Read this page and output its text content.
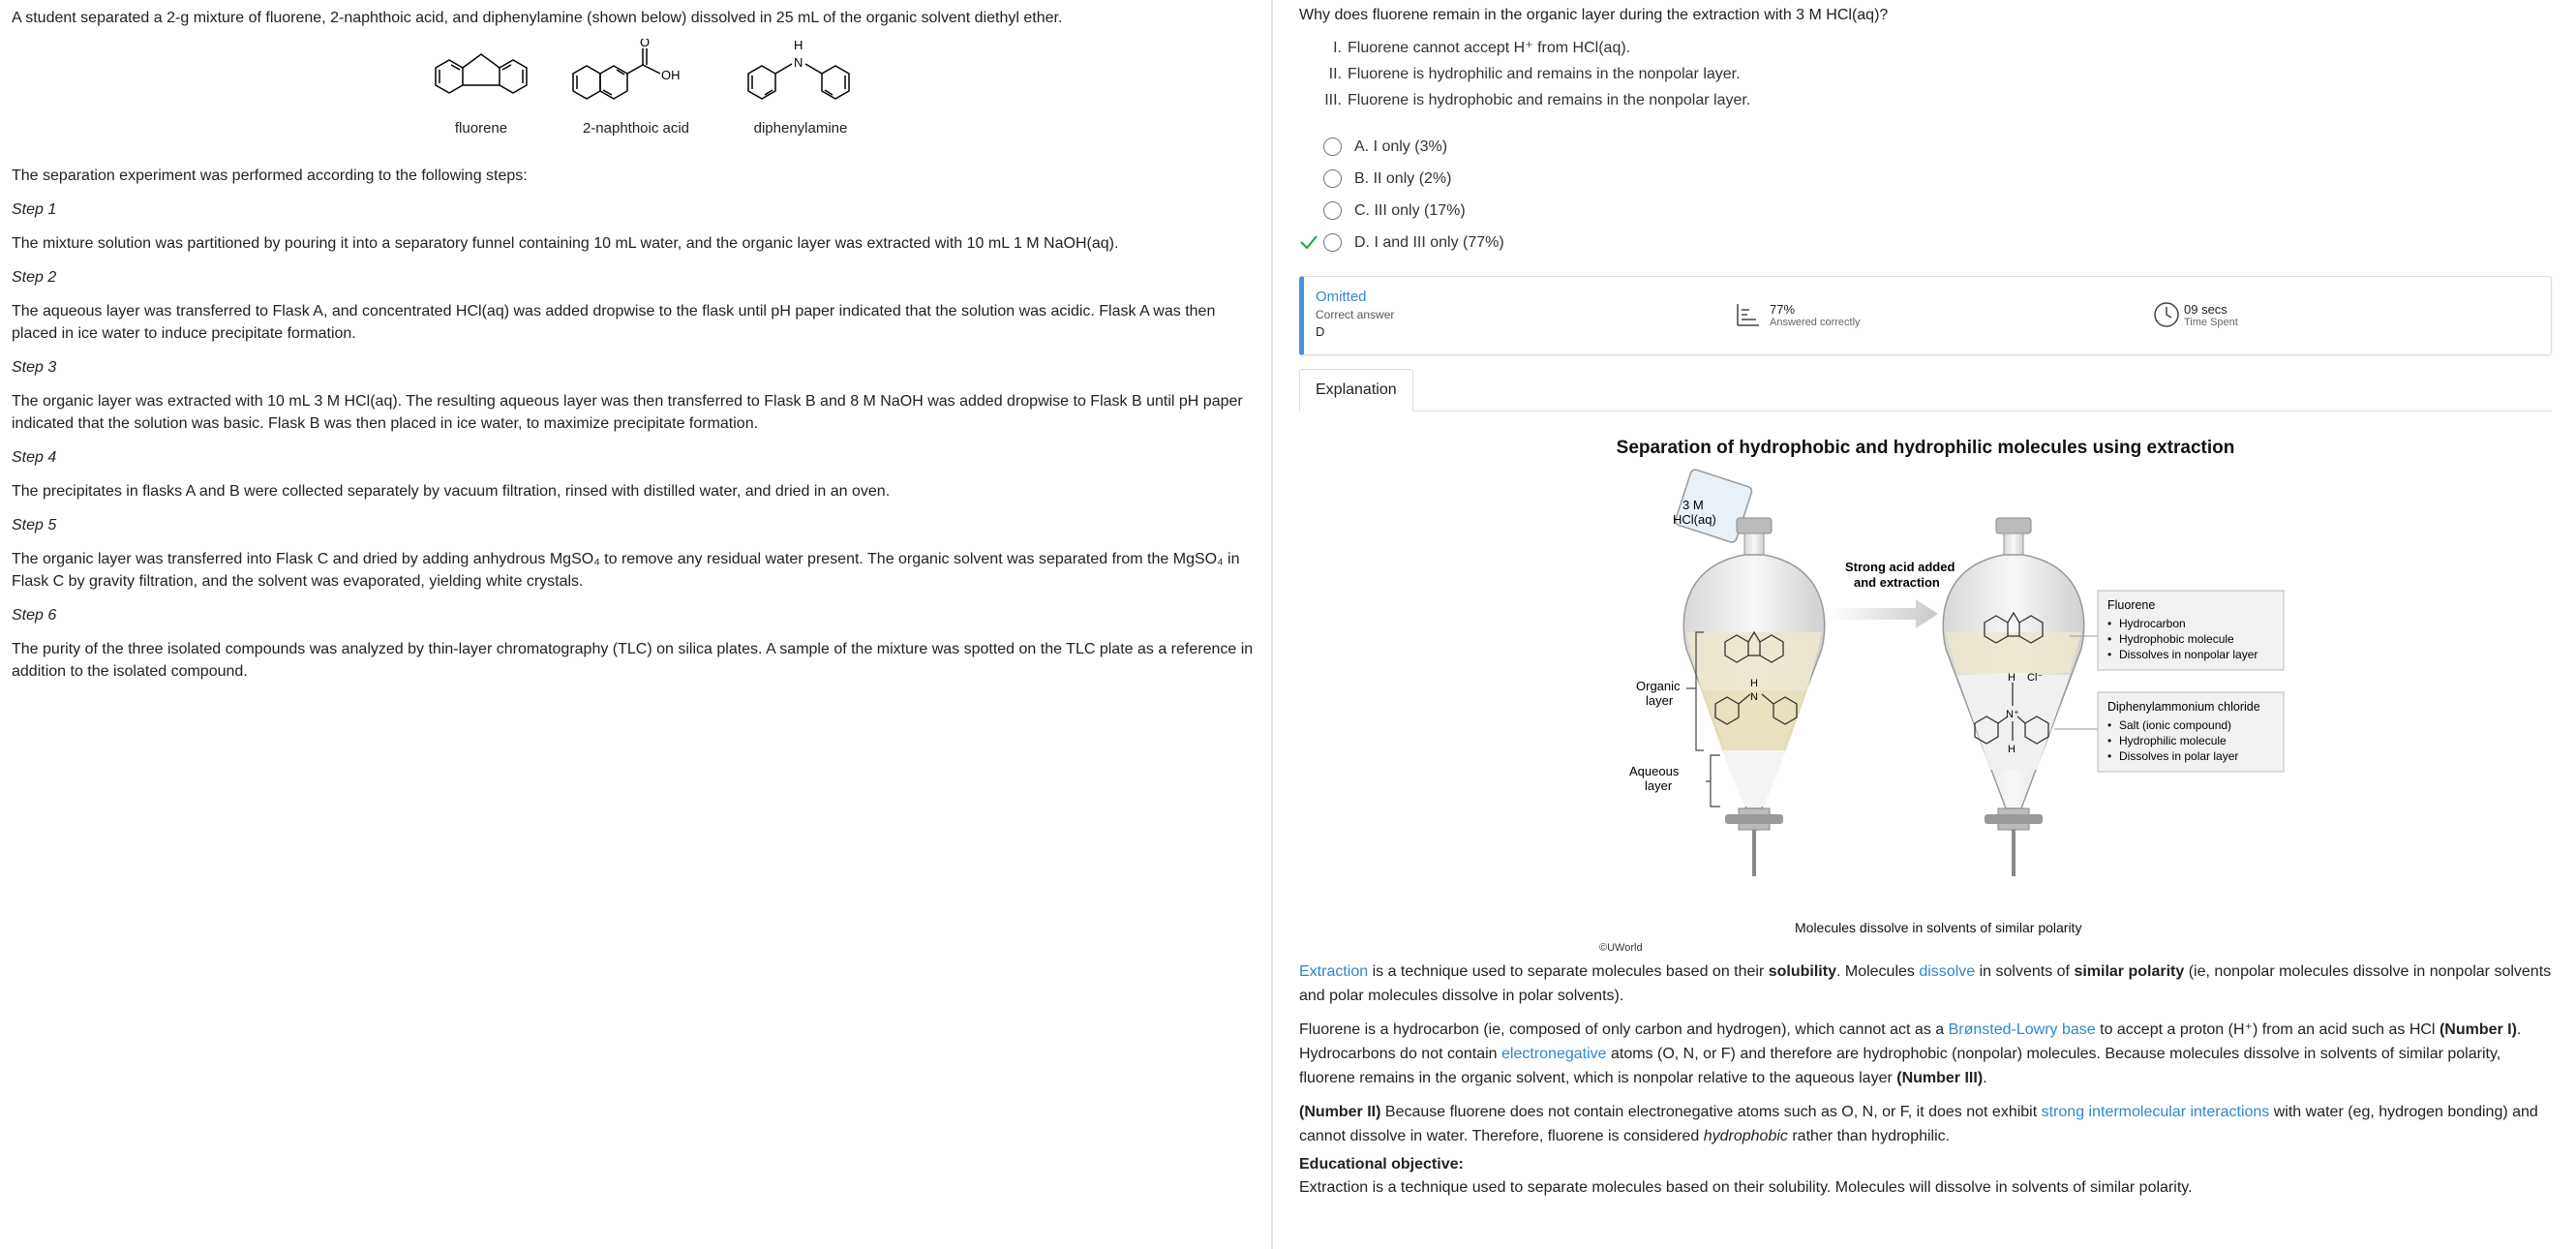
A student separated a 2-g mixture of fluorene, 2-naphthoic acid, and diphenylamine (shown below) dissolved in 25 mL of the organic solvent diethyl ether.
fluorene
O
OH
2-naphthoic acid
H
N
diphenylamine
The separation experiment was performed according to the following steps:
Step 1
The mixture solution was partitioned by pouring it into a separatory funnel containing 10 mL water, and the organic layer was extracted with 10 mL 1 M NaOH(aq).
Step 2
The aqueous layer was transferred to Flask A, and concentrated HCl(aq) was added dropwise to the flask until pH paper indicated that the solution was acidic. Flask A was then placed in ice water to induce precipitate formation.
Step 3
The organic layer was extracted with 10 mL 3 M HCl(aq). The resulting aqueous layer was then transferred to Flask B and 8 M NaOH was added dropwise to Flask B until pH paper indicated that the solution was basic. Flask B was then placed in ice water, to maximize precipitate formation.
Step 4
The precipitates in flasks A and B were collected separately by vacuum filtration, rinsed with distilled water, and dried in an oven.
Step 5
The organic layer was transferred into Flask C and dried by adding anhydrous MgSO₄ to remove any residual water present. The organic solvent was separated from the MgSO₄ in Flask C by gravity filtration, and the solvent was evaporated, yielding white crystals.
Step 6
The purity of the three isolated compounds was analyzed by thin-layer chromatography (TLC) on silica plates. A sample of the mixture was spotted on the TLC plate as a reference in addition to the isolated compound.
Why does fluorene remain in the organic layer during the extraction with 3 M HCl(aq)?
I. Fluorene cannot accept H⁺ from HCl(aq).
II. Fluorene is hydrophilic and remains in the nonpolar layer.
III. Fluorene is hydrophobic and remains in the nonpolar layer.
A. I only (3%)
B. II only (2%)
C. III only (17%)
D. I and III only (77%)
Omitted
Correct answer
D
77%
Answered correctly
09 secs
Time Spent
Explanation
Separation of hydrophobic and hydrophilic molecules using extraction
3 M
HCl(aq)
H
N
Organic
layer
Aqueous
layer
Strong acid added
and extraction
H
N⁺
H
Cl⁻
Fluorene
• Hydrocarbon
• Hydrophobic molecule
• Dissolves in nonpolar layer
Diphenylammonium chloride
• Salt (ionic compound)
• Hydrophilic molecule
• Dissolves in polar layer
Molecules dissolve in solvents of similar polarity
©UWorld
Extraction is a technique used to separate molecules based on their solubility. Molecules dissolve in solvents of similar polarity (ie, nonpolar molecules dissolve in nonpolar solvents and polar molecules dissolve in polar solvents).
Fluorene is a hydrocarbon (ie, composed of only carbon and hydrogen), which cannot act as a Brønsted-Lowry base to accept a proton (H⁺) from an acid such as HCl (Number I). Hydrocarbons do not contain electronegative atoms (O, N, or F) and therefore are hydrophobic (nonpolar) molecules. Because molecules dissolve in solvents of similar polarity, fluorene remains in the organic solvent, which is nonpolar relative to the aqueous layer (Number III).
(Number II) Because fluorene does not contain electronegative atoms such as O, N, or F, it does not exhibit strong intermolecular interactions with water (eg, hydrogen bonding) and cannot dissolve in water. Therefore, fluorene is considered hydrophobic rather than hydrophilic.
Educational objective:
Extraction is a technique used to separate molecules based on their solubility. Molecules will dissolve in solvents of similar polarity.
